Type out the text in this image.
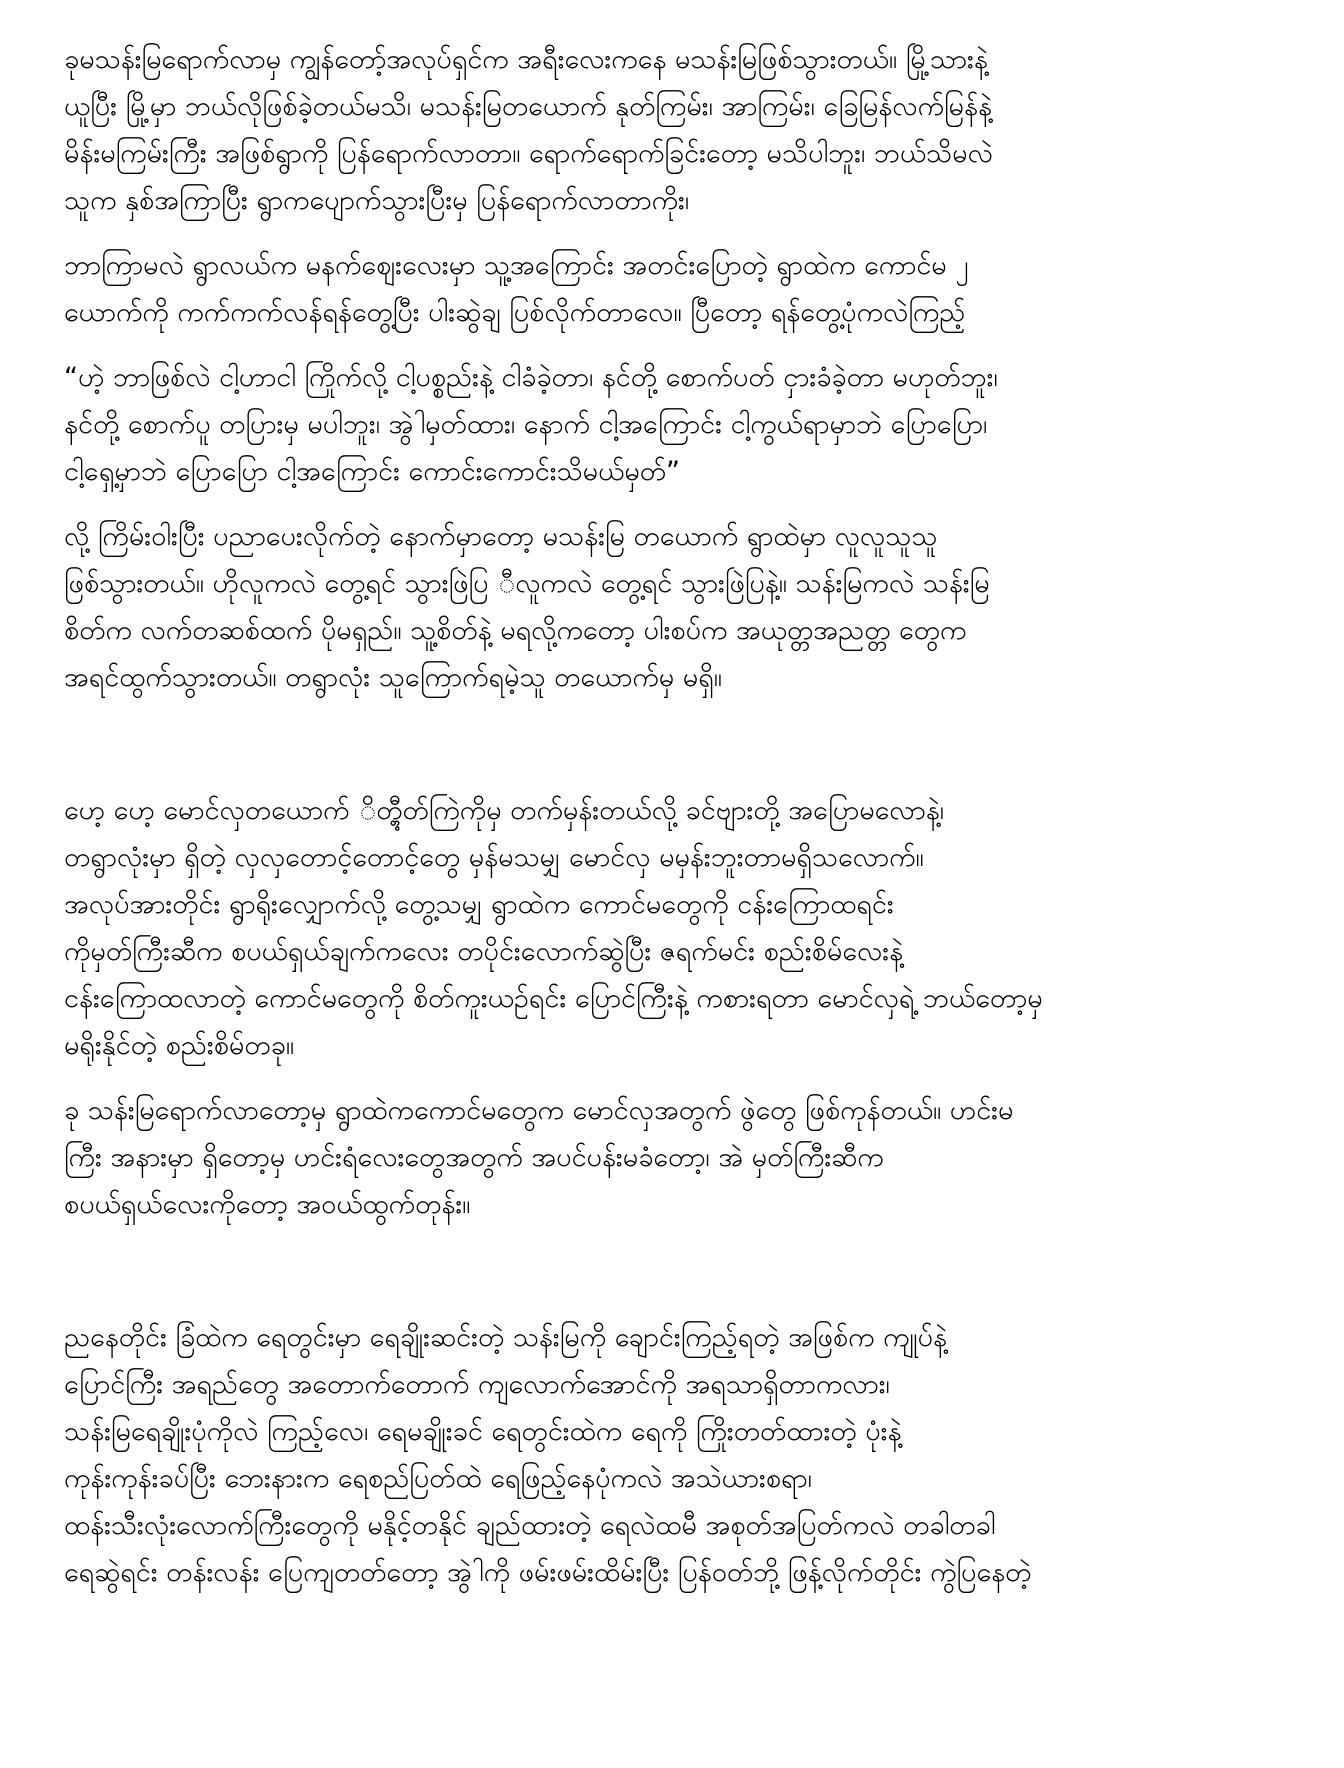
ခုမသန်းမြရောက်လာမှ ကျွန်တော့်အလုပ်ရှင်က အရီးလေးကနေ မသန်းမြဖြစ်သွားတယ်။ မြို့သားနဲ့
ယူပြီး မြို့မှာ ဘယ်လိုဖြစ်ခဲ့တယ်မသိ၊ မသန်းမြတယောက် နုတ်ကြမ်း၊ အာကြမ်း၊ ခြေမြန်လက်မြန်နဲ့
မိန်းမကြမ်းကြီး အဖြစ်ရွာကို ပြန်ရောက်လာတာ။ ရောက်ရောက်ခြင်းတော့ မသိပါဘူး၊ ဘယ်သိမလဲ
သူက နှစ်အကြာပြီး ရွာကပျောက်သွားပြီးမှ ပြန်ရောက်လာတာကိုး၊
ဘာကြာမလဲ ရွာလယ်က မနက်ဈေးလေးမှာ သူ့အကြောင်း အတင်းပြောတဲ့ ရွာထဲက ကောင်မ ၂
ယောက်ကို ကက်ကက်လန်ရန်တွေ့ပြီး ပါးဆွဲချ ပြစ်လိုက်တာလေ။ ပြီတော့ ရန်တွေ့ပုံကလဲကြည့်
“ဟဲ့ ဘာဖြစ်လဲ ငါ့ဟာငါ ကြိုက်လို့ ငါ့ပစ္စည်းနဲ့ ငါခံခဲ့တာ၊ နင်တို့ စောက်ပတ် ငှားခံခဲ့တာ မဟုတ်ဘူး၊
နင်တို့ စောက်ပူ တပြားမှ မပါဘူး၊ အွဲါမှတ်ထား၊ နောက် ငါ့အကြောင်း ငါ့ကွယ်ရာမှာဘဲ ပြောပြော၊
ငါ့ရှေ့မှာဘဲ ပြောပြော ငါ့အကြောင်း ကောင်းကောင်းသိမယ်မှတ်”
လို့ ကြိမ်းဝါးပြီး ပညာပေးလိုက်တဲ့ နောက်မှာတော့ မသန်းမြ တယောက် ရွာထဲမှာ လူလူသူသူ
ဖြစ်သွားတယ်။ ဟိုလူကလဲ တွေ့ရင် သွားဖြဲပြ ီလူကလဲ တွေ့ရင် သွားဖြဲပြနဲ့။ သန်းမြကလဲ သန်းမြ
စိတ်က လက်တဆစ်ထက် ပိုမရှည်။ သူ့စိတ်နဲ့ မရလို့ကတော့ ပါးစပ်က အယုတ္တအညတ္တ တွေက
အရင်ထွက်သွားတယ်။ တရွာလုံး သူကြောက်ရမဲ့သူ တယောက်မှ မရှိ။
ဟေ့ ဟေ့ မောင်လှတယောက် ိတ္တွီတ်ကြဲကိုမှ တက်မှန်းတယ်လို့ ခင်ဗျားတို့ အပြောမလောနဲ့၊
တရွာလုံးမှာ ရှိတဲ့ လှလှတောင့်တောင့်တွေ မှန်မသမျှ မောင်လှ မမှန်းဘူးတာမရှိသလောက်။
အလုပ်အားတိုင်း ရွာရိုးလျှောက်လို့ တွေ့သမျှ ရွာထဲက ကောင်မတွေကို ငန်းကြောထရင်း
ကိုမှတ်ကြီးဆီက စပယ်ရှယ်ချက်ကလေး တပိုင်းလောက်ဆွဲပြီး ဇရက်မင်း စည်းစိမ်လေးနဲ့
ငန်းကြောထလာတဲ့ ကောင်မတွေကို စိတ်ကူးယဉ်ရင်း ပြောင်ကြီးနဲ့ ကစားရတာ မောင်လှရဲ့ ဘယ်တော့မှ
မရိုးနိုင်တဲ့ စည်းစိမ်တခု။
ခု သန်းမြရောက်လာတော့မှ ရွာထဲကကောင်မတွေက မောင်လှအတွက် ဖွဲတွေ ဖြစ်ကုန်တယ်။ ဟင်းမ
ကြီး အနားမှာ ရှိတော့မှ ဟင်းရံလေးတွေအတွက် အပင်ပန်းမခံတော့၊ အဲ မှတ်ကြီးဆီက
စပယ်ရှယ်လေးကိုတော့ အဝယ်ထွက်တုန်း။
ညနေတိုင်း ခြံထဲက ရေတွင်းမှာ ရေချိုးဆင်းတဲ့ သန်းမြကို ချောင်းကြည့်ရတဲ့ အဖြစ်က ကျုပ်နဲ့
ပြောင်ကြီး အရည်တွေ အတောက်တောက် ကျလောက်အောင်ကို အရသာရှိတာကလား၊
သန်းမြရေချိုးပုံကိုလဲ ကြည့်လေ၊ ရေမချိုးခင် ရေတွင်းထဲက ရေကို ကြိုးတတ်ထားတဲ့ ပုံးနဲ့
ကုန်းကုန်းခပ်ပြီး ဘေးနားက ရေစည်ပြတ်ထဲ ရေဖြည့်နေပုံကလဲ အသဲယားစရာ၊
ထန်းသီးလုံးလောက်ကြီးတွေကို မနိုင့်တနိုင် ချည်ထားတဲ့ ရေလဲထမီ အစုတ်အပြတ်ကလဲ တခါတခါ
ရေဆွဲရင်း တန်းလန်း ပြေကျတတ်တော့ အွဲါကို ဖမ်းဖမ်းထိမ်းပြီး ပြန်ဝတ်ဘို့ ဖြန့်လိုက်တိုင်း ကွဲပြနေတဲ့
